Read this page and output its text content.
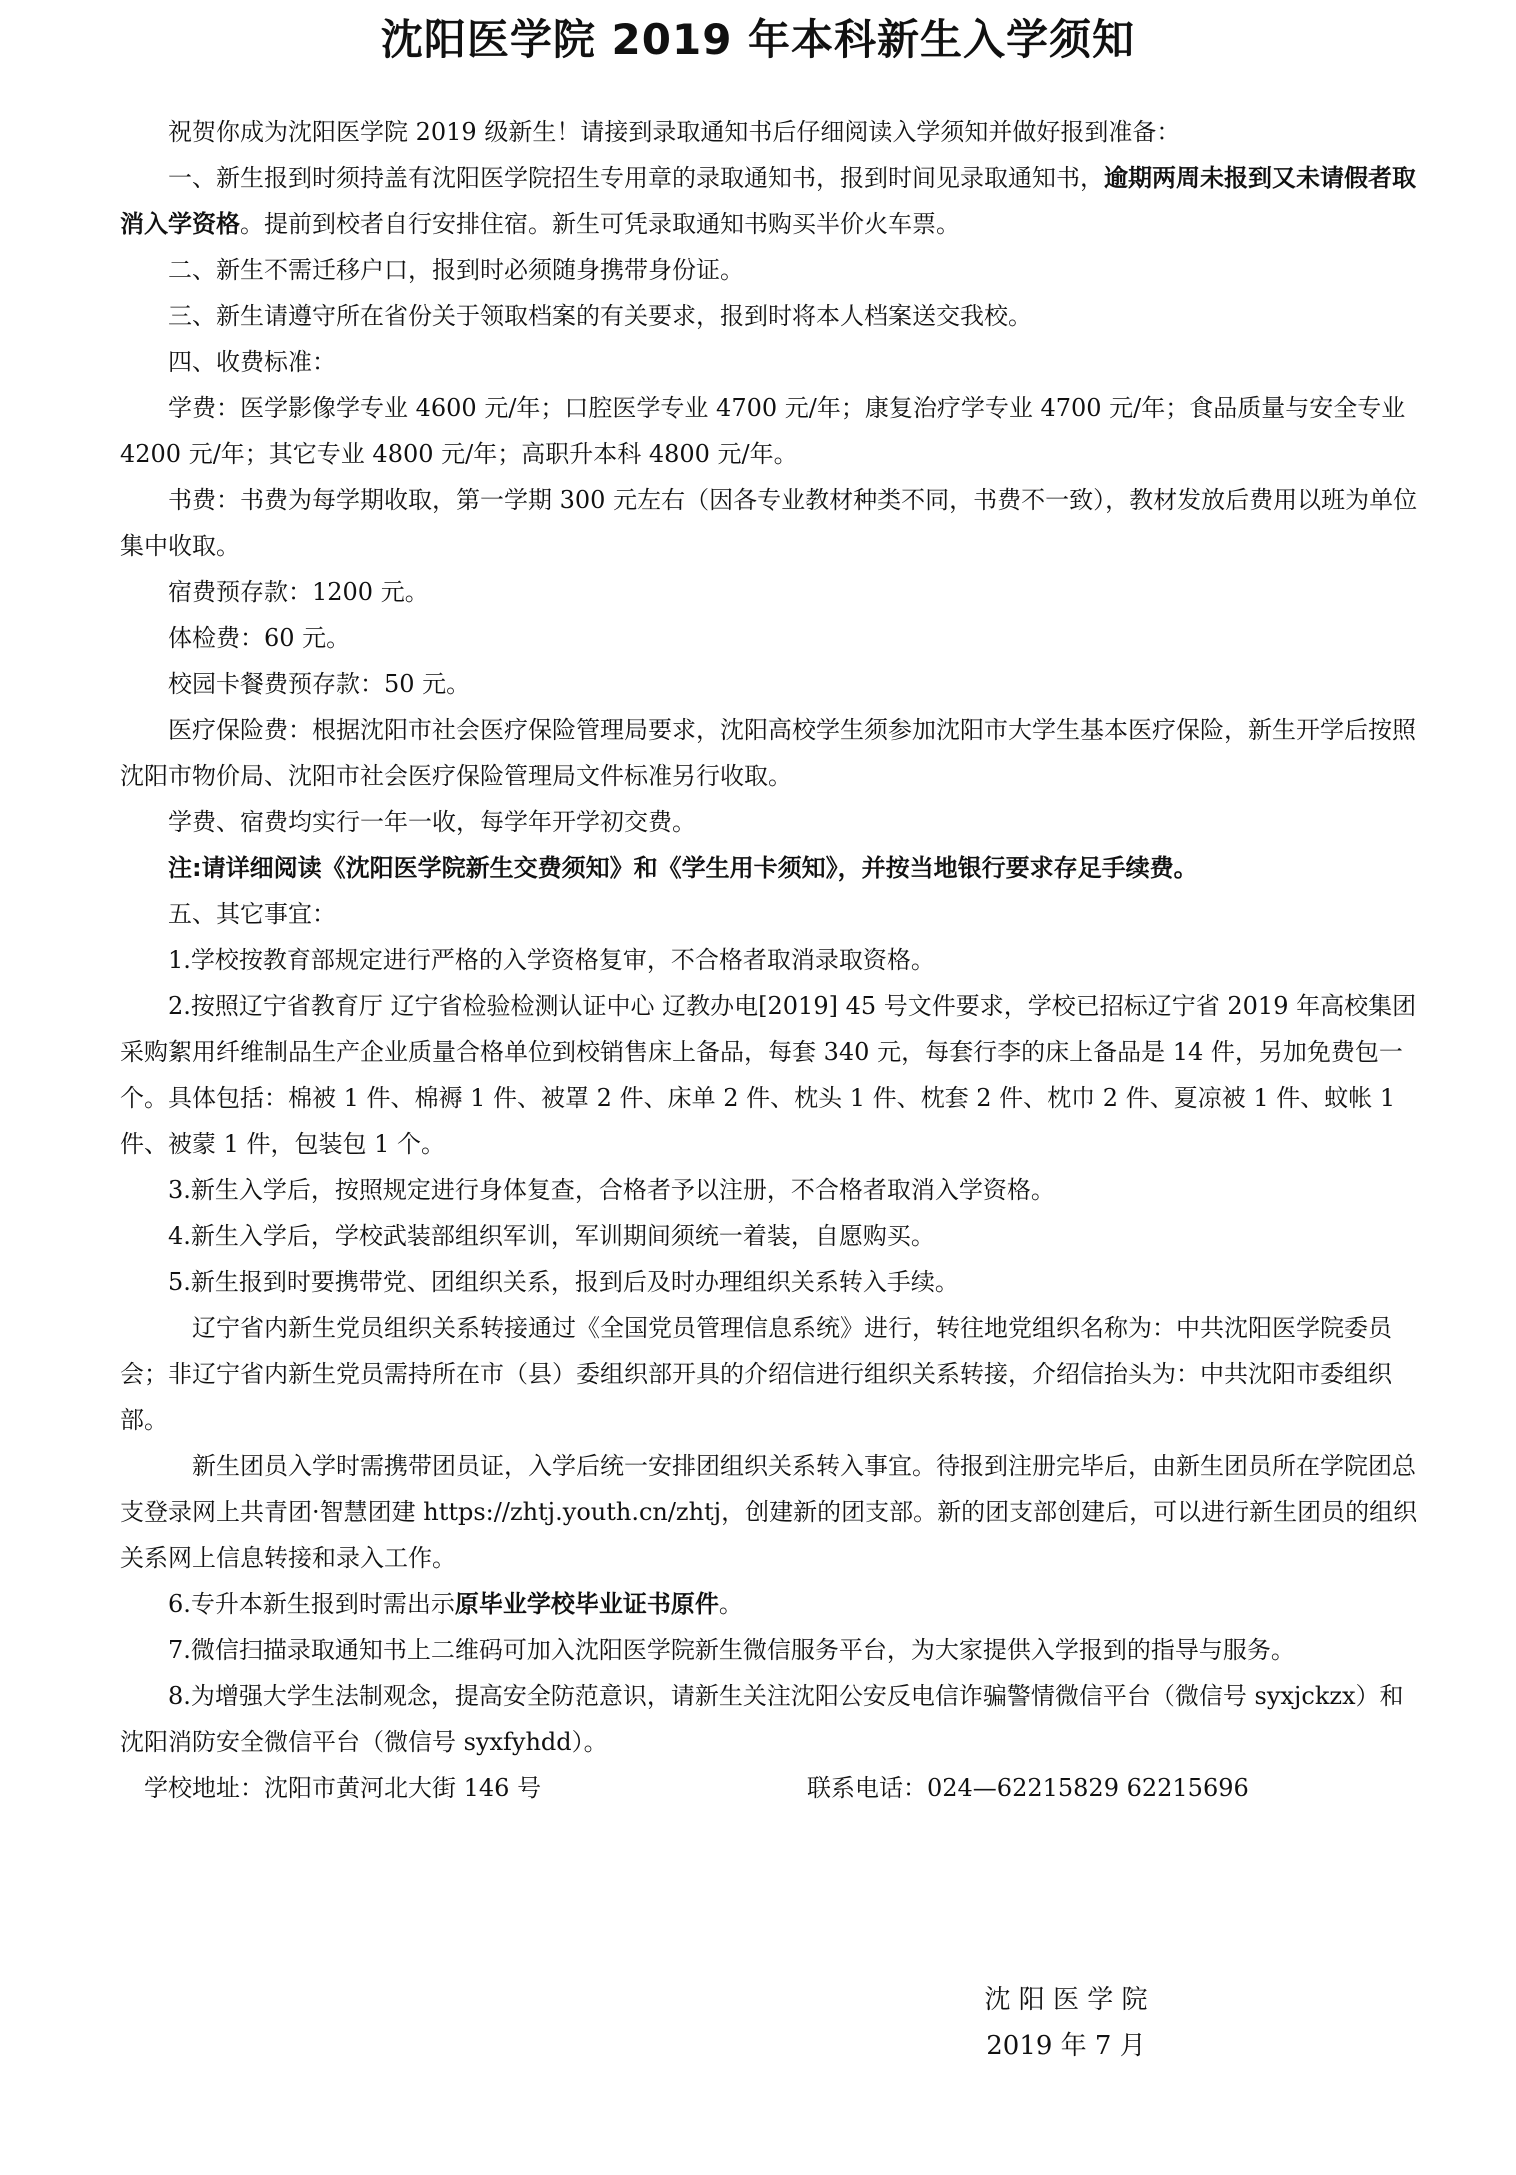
沈阳医学院 2019 年本科新生入学须知

祝贺你成为沈阳医学院 2019 级新生！请接到录取通知书后仔细阅读入学须知并做好报到准备：

一、新生报到时须持盖有沈阳医学院招生专用章的录取通知书，报到时间见录取通知书，逾期两周未报到又未请假者取消入学资格。提前到校者自行安排住宿。新生可凭录取通知书购买半价火车票。

二、新生不需迁移户口，报到时必须随身携带身份证。

三、新生请遵守所在省份关于领取档案的有关要求，报到时将本人档案送交我校。

四、收费标准：

学费：医学影像学专业 4600 元/年；口腔医学专业 4700 元/年；康复治疗学专业 4700 元/年；食品质量与安全专业 4200 元/年；其它专业 4800 元/年；高职升本科 4800 元/年。

书费：书费为每学期收取，第一学期 300 元左右（因各专业教材种类不同，书费不一致），教材发放后费用以班为单位集中收取。

宿费预存款：1200 元。

体检费：60 元。

校园卡餐费预存款：50 元。

医疗保险费：根据沈阳市社会医疗保险管理局要求，沈阳高校学生须参加沈阳市大学生基本医疗保险，新生开学后按照沈阳市物价局、沈阳市社会医疗保险管理局文件标准另行收取。

学费、宿费均实行一年一收，每学年开学初交费。

注:请详细阅读《沈阳医学院新生交费须知》和《学生用卡须知》，并按当地银行要求存足手续费。

五、其它事宜：

1.学校按教育部规定进行严格的入学资格复审，不合格者取消录取资格。

2.按照辽宁省教育厅 辽宁省检验检测认证中心 辽教办电[2019] 45 号文件要求，学校已招标辽宁省 2019 年高校集团采购絮用纤维制品生产企业质量合格单位到校销售床上备品，每套 340 元，每套行李的床上备品是 14 件，另加免费包一个。具体包括：棉被 1 件、棉褥 1 件、被罩 2 件、床单 2 件、枕头 1 件、枕套 2 件、枕巾 2 件、夏凉被 1 件、蚊帐 1 件、被蒙 1 件，包装包 1 个。

3.新生入学后，按照规定进行身体复查，合格者予以注册，不合格者取消入学资格。

4.新生入学后，学校武装部组织军训，军训期间须统一着装，自愿购买。

5.新生报到时要携带党、团组织关系，报到后及时办理组织关系转入手续。

辽宁省内新生党员组织关系转接通过《全国党员管理信息系统》进行，转往地党组织名称为：中共沈阳医学院委员会；非辽宁省内新生党员需持所在市（县）委组织部开具的介绍信进行组织关系转接，介绍信抬头为：中共沈阳市委组织部。

新生团员入学时需携带团员证，入学后统一安排团组织关系转入事宜。待报到注册完毕后，由新生团员所在学院团总支登录网上共青团·智慧团建 https://zhtj.youth.cn/zhtj，创建新的团支部。新的团支部创建后，可以进行新生团员的组织关系网上信息转接和录入工作。

6.专升本新生报到时需出示原毕业学校毕业证书原件。

7.微信扫描录取通知书上二维码可加入沈阳医学院新生微信服务平台，为大家提供入学报到的指导与服务。

8.为增强大学生法制观念，提高安全防范意识，请新生关注沈阳公安反电信诈骗警情微信平台（微信号 syxjckzx）和沈阳消防安全微信平台（微信号 syxfyhdd）。

学校地址：沈阳市黄河北大街 146 号	联系电话：024—62215829 62215696
沈 阳 医 学 院
2019 年 7 月
